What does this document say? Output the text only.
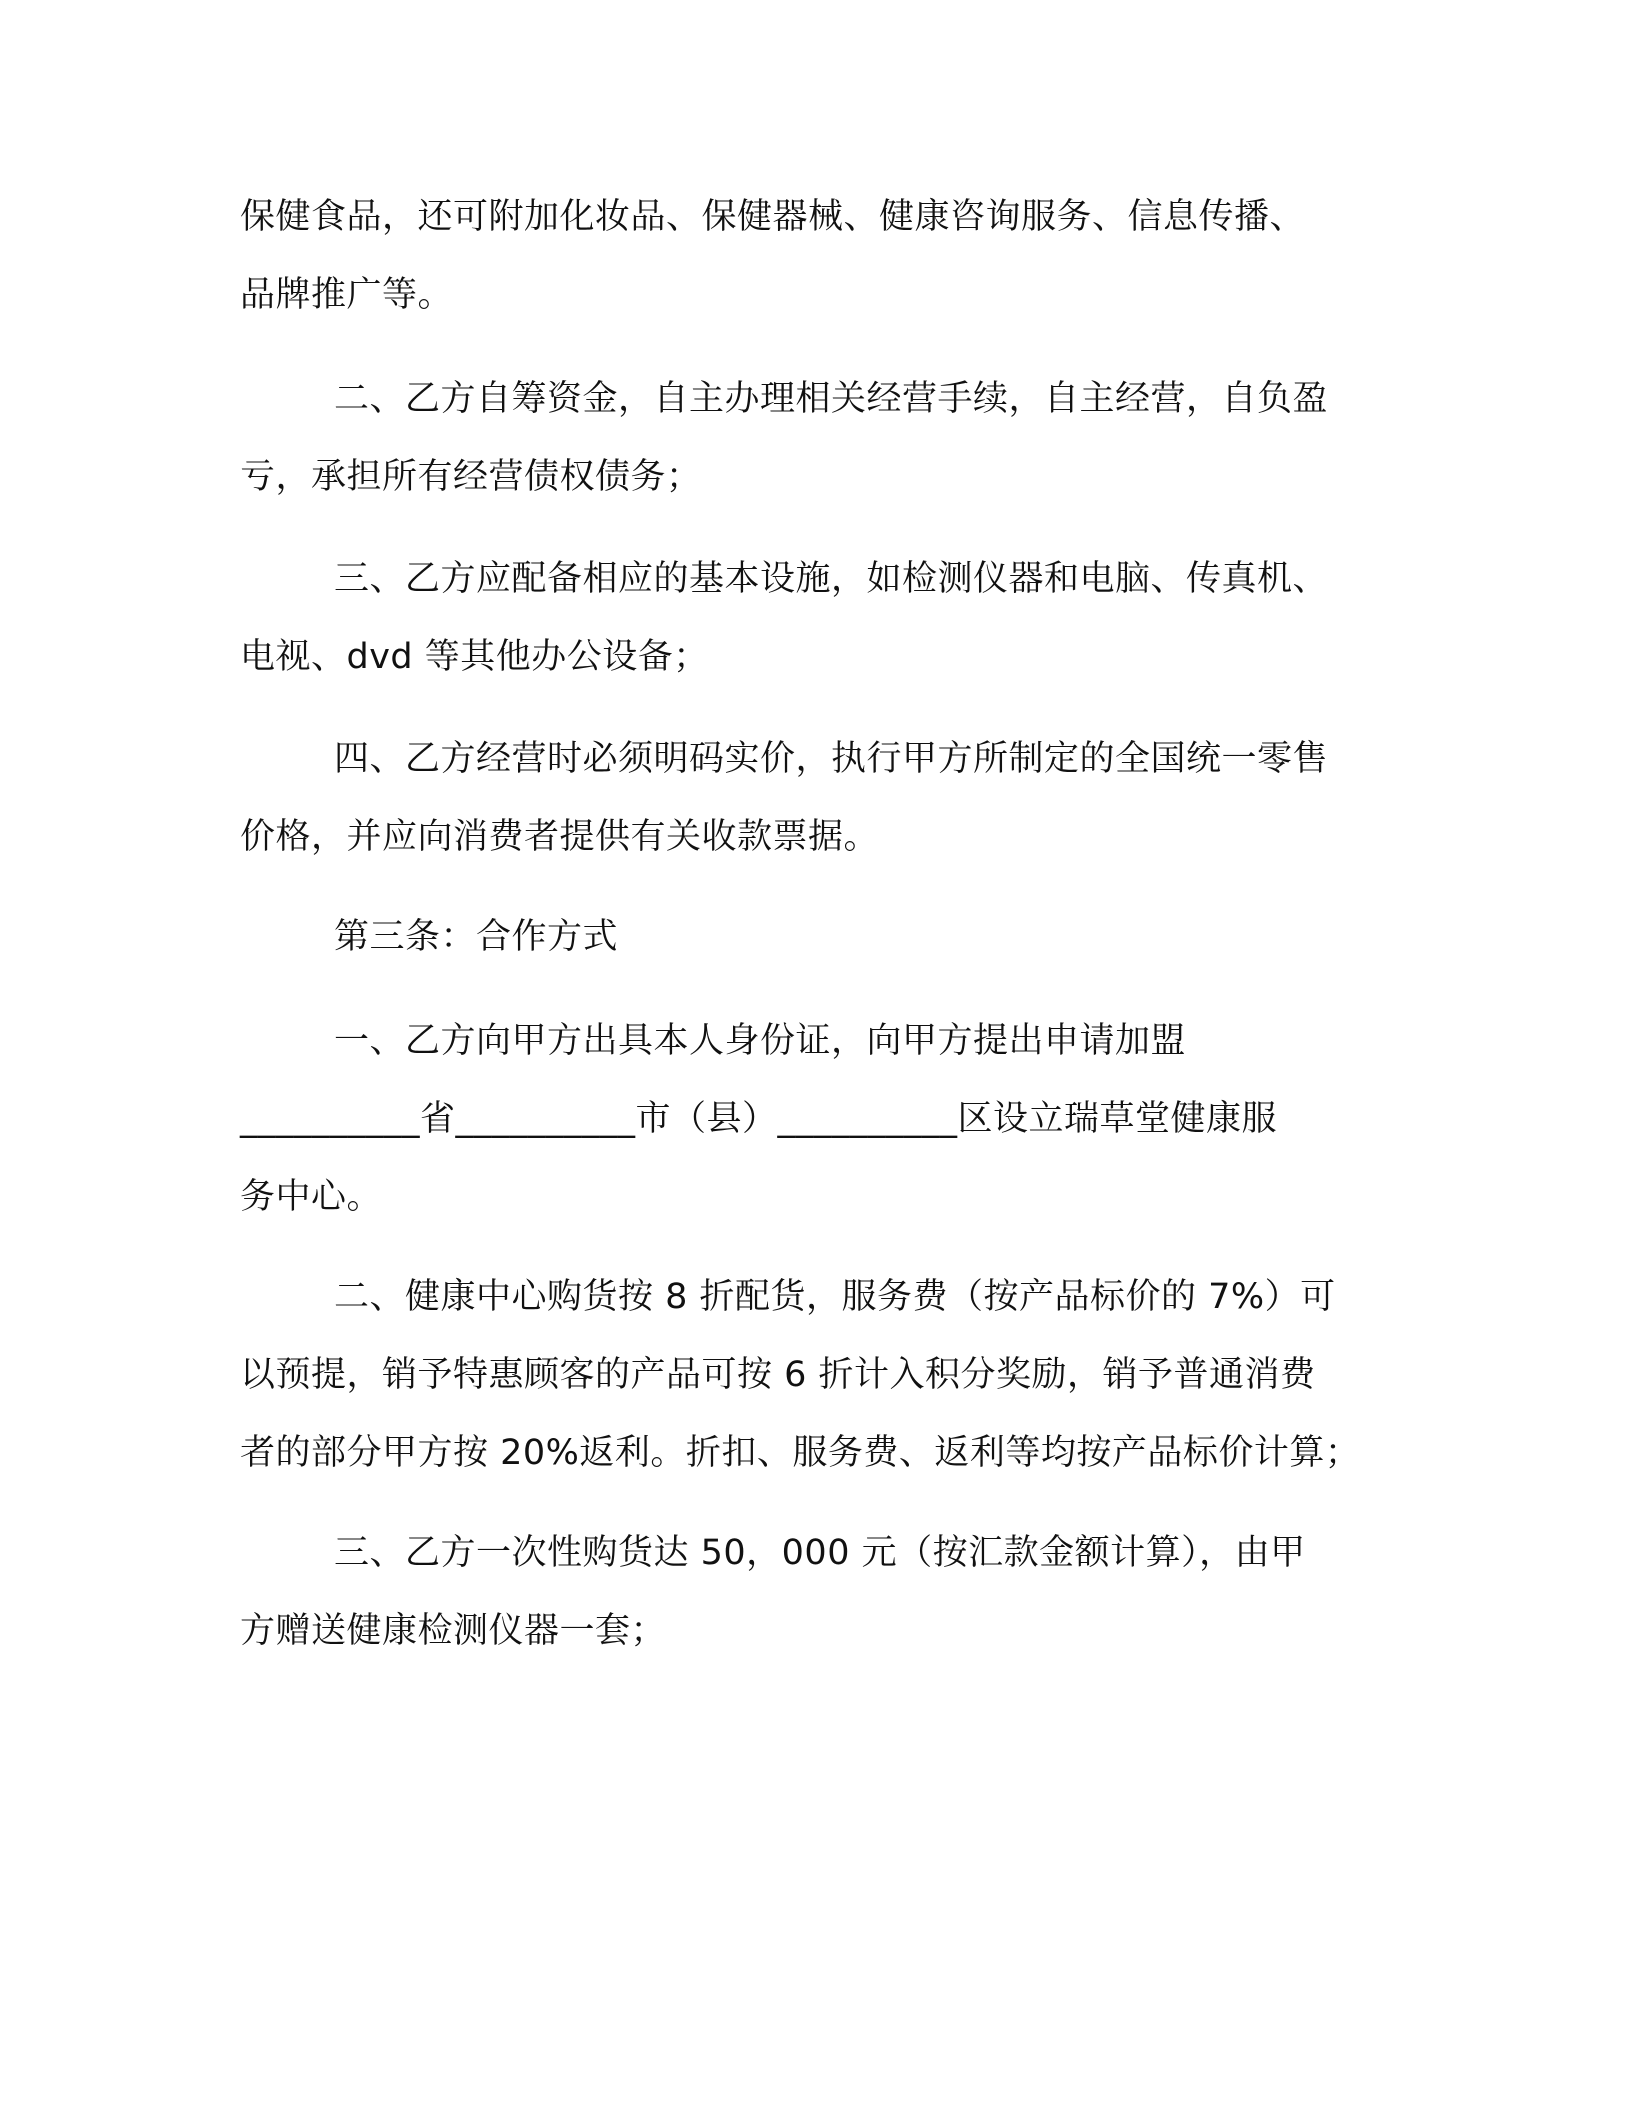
保健食品，还可附加化妆品、保健器械、健康咨询服务、信息传播、
品牌推广等。

二、乙方自筹资金，自主办理相关经营手续，自主经营，自负盈
亏，承担所有经营债权债务；

三、乙方应配备相应的基本设施，如检测仪器和电脑、传真机、
电视、dvd 等其他办公设备；

四、乙方经营时必须明码实价，执行甲方所制定的全国统一零售
价格，并应向消费者提供有关收款票据。

第三条：合作方式

一、乙方向甲方出具本人身份证，向甲方提出申请加盟
__________省__________市（县）__________区设立瑞草堂健康服
务中心。

二、健康中心购货按 8 折配货，服务费（按产品标价的 7%）可
以预提，销予特惠顾客的产品可按 6 折计入积分奖励，销予普通消费
者的部分甲方按 20%返利。折扣、服务费、返利等均按产品标价计算；

三、乙方一次性购货达 50，000 元（按汇款金额计算），由甲
方赠送健康检测仪器一套；
